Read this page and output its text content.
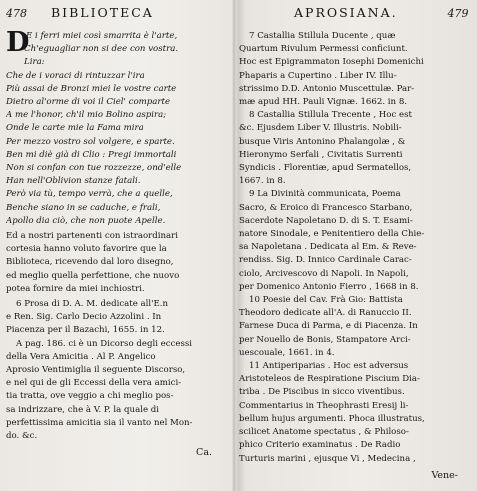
478 BIBLIOTECA
D
E i ferri miei così smarrita è l'arte,
Ch'eguagliar non si dee con vostra.
Lira:
Che de i voraci di rintuzzar l'ira
Più assai de Bronzi miei le vostre carte
Dietro al'orme di voi il Ciel' comparte
A me l'honor, ch'il mio Bolino aspira;
Onde le carte mie la Fama mira
Per mezzo vostro sol volgere, e sparte.
Ben mi diè già di Clio : Pregi immortali
Non si confan con tue rozzezze, ond'elle
Han nell'Oblivion stanze fatali.
Però via tù, tempo verrà, che a quelle,
Benche siano in se caduche, e frali,
Apollo dia ciò, che non puote Apelle.
Ed a nostri partenenti con istraordinari
cortesia hanno voluto favorire que la
Biblioteca, ricevendo dal loro disegno,
ed meglio quella perfettione, che nuovo
potea fornire da miei inchiostri.
6 Prosa di D. A. M. dedicate all'E.n
e Ren. Sig. Carlo Decio Azzolini . In
Piacenza per il Bazachi, 1655. in 12.
A pag. 186. ci è un Dicorso degli eccessi
della Vera Amicitia . Al P. Angelico
Aprosio Ventimiglia il seguente Discorso,
e nel qui de gli Eccessi della vera amici-
tia tratta, ove veggio a chi meglio pos-
sa indrizzare, che à V. P. la quale di
perfettissima amicitia sia il vanto nel Mon-
do. &c.
Ca.
APROSIANA.	479
7 Castallia Stillula Ducente , quæ
Quartum Rivulum Permessi conficiunt.
Hoc est Epigrammaton Iosephi Domenichi
Phaparis a Cupertino . Liber IV. Illu-
strissimo D.D. Antonio Muscettulæ. Par-
mæ apud HH. Pauli Vignæ. 1662. in 8.
8 Castallia Stillula Trecente , Hoc est
&c. Ejusdem Liber V. Illustris. Nobili-
busque Viris Antonino Phalangolæ , &
Hieronymo Serfali , Civitatis Surrenti
Syndicis . Florentiæ, apud Sermatellos,
1667. in 8.
9 La Divinità communicata, Poema
Sacro, & Eroico di Francesco Starbano,
Sacerdote Napoletano D. di S. T. Esami-
natore Sinodale, e Penitentiero della Chie-
sa Napoletana . Dedicata al Em. & Reve-
rendiss. Sig. D. Innico Cardinale Carac-
ciolo, Arcivescovo di Napoli. In Napoli,
per Domenico Antonio Fierro , 1668 in 8.
10 Poesie del Cav. Frà Gio: Battista
Theodoro dedicate all'A. di Ranuccio II.
Farnese Duca di Parma, e di Piacenza. In
per Nouello de Bonis, Stampatore Arci-
uescouale, 1661. in 4.
11 Antiperiparias . Hoc est adversus
Aristoteleos de Respiratione Piscium Dia-
triba . De Piscibus in sicco viventibus.
Commentarius in Theophrasti Eresij li-
bellum hujus argumenti. Phoca illustratus,
scilicet Anatome spectatus , & Philoso-
phico Criterio examinatus . De Radio
Turturis marini , ejusque Vi , Medecina ,
Vene-
